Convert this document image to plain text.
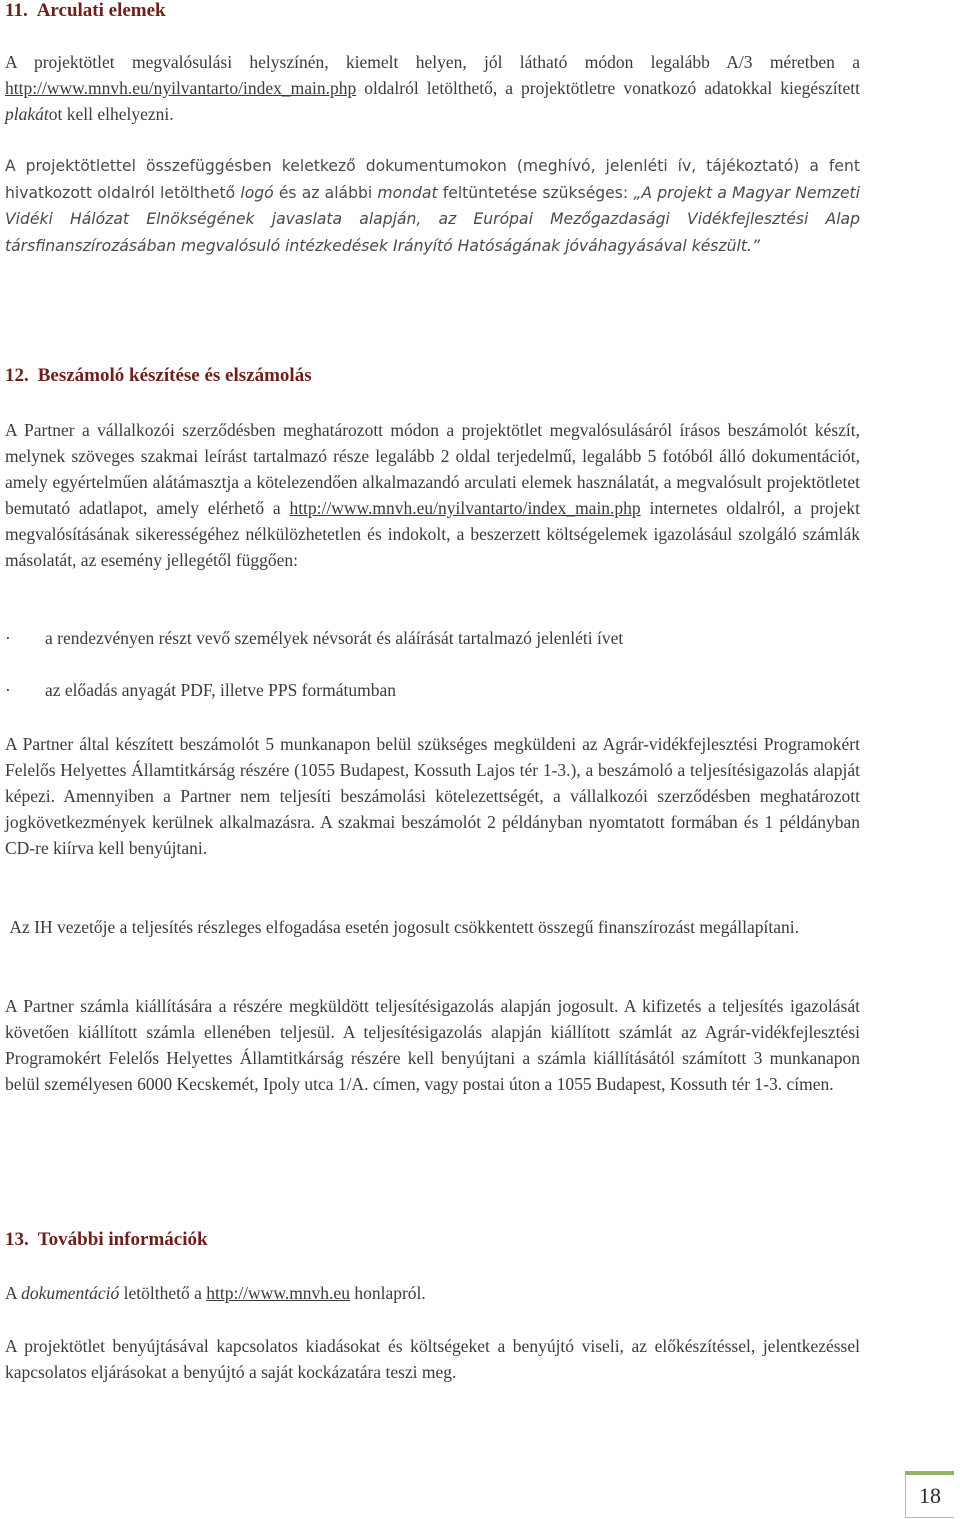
11. Arculati elemek

A projektötlet megvalósulási helyszínén, kiemelt helyen, jól látható módon legalább A/3 méretben a http://www.mnvh.eu/nyilvantarto/index_main.php oldalról letölthető, a projektötletre vonatkozó adatokkal kiegészített plakátot kell elhelyezni.

A projektötlettel összefüggésben keletkező dokumentumokon (meghívó, jelenléti ív, tájékoztató) a fent hivatkozott oldalról letölthető logó és az alábbi mondat feltüntetése szükséges: „A projekt a Magyar Nemzeti Vidéki Hálózat Elnökségének javaslata alapján, az Európai Mezőgazdasági Vidékfejlesztési Alap társfinanszírozásában megvalósuló intézkedések Irányító Hatóságának jóváhagyásával készült.”

12. Beszámoló készítése és elszámolás

A Partner a vállalkozói szerződésben meghatározott módon a projektötlet megvalósulásáról írásos beszámolót készít, melynek szöveges szakmai leírást tartalmazó része legalább 2 oldal terjedelmű, legalább 5 fotóból álló dokumentációt, amely egyértelműen alátámasztja a kötelezendően alkalmazandó arculati elemek használatát, a megvalósult projektötletet bemutató adatlapot, amely elérhető a http://www.mnvh.eu/nyilvantarto/index_main.php internetes oldalról, a projekt megvalósításának sikerességéhez nélkülözhetetlen és indokolt, a beszerzett költségelemek igazolásául szolgáló számlák másolatát, az esemény jellegétől függően:

· a rendezvényen részt vevő személyek névsorát és aláírását tartalmazó jelenléti ívet

· az előadás anyagát PDF, illetve PPS formátumban

A Partner által készített beszámolót 5 munkanapon belül szükséges megküldeni az Agrár-vidékfejlesztési Programokért Felelős Helyettes Államtitkárság részére (1055 Budapest, Kossuth Lajos tér 1-3.), a beszámoló a teljesítésigazolás alapját képezi. Amennyiben a Partner nem teljesíti beszámolási kötelezettségét, a vállalkozói szerződésben meghatározott jogkövetkezmények kerülnek alkalmazásra. A szakmai beszámolót 2 példányban nyomtatott formában és 1 példányban CD-re kiírva kell benyújtani.

Az IH vezetője a teljesítés részleges elfogadása esetén jogosult csökkentett összegű finanszírozást megállapítani.

A Partner számla kiállítására a részére megküldött teljesítésigazolás alapján jogosult. A kifizetés a teljesítés igazolását követően kiállított számla ellenében teljesül. A teljesítésigazolás alapján kiállított számlát az Agrár-vidékfejlesztési Programokért Felelős Helyettes Államtitkárság részére kell benyújtani a számla kiállításától számított 3 munkanapon belül személyesen 6000 Kecskemét, Ipoly utca 1/A. címen, vagy postai úton a 1055 Budapest, Kossuth tér 1-3. címen.

13. További információk

A dokumentáció letölthető a http://www.mnvh.eu honlapról.

A projektötlet benyújtásával kapcsolatos kiadásokat és költségeket a benyújtó viseli, az előkészítéssel, jelentkezéssel kapcsolatos eljárásokat a benyújtó a saját kockázatára teszi meg.

18
